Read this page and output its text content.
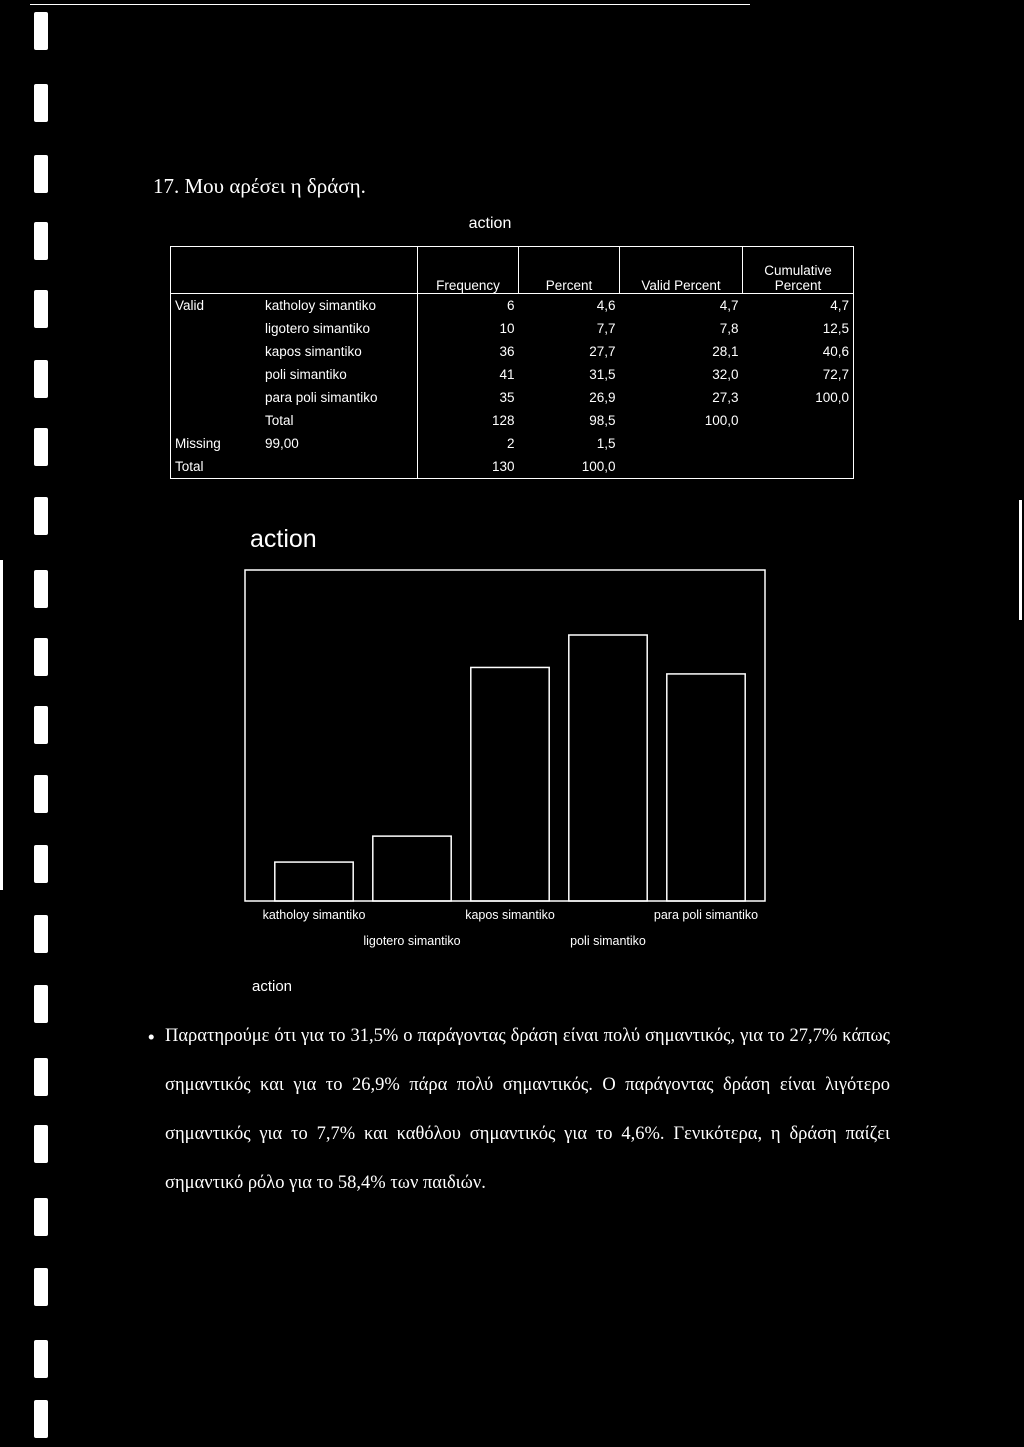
17. Μου αρέσει η δράση.
action
		Frequency	Percent	Valid Percent	Cumulative Percent
Valid	katholoy simantiko	6	4,6	4,7	4,7
	ligotero simantiko	10	7,7	7,8	12,5
	kapos simantiko	36	27,7	28,1	40,6
	poli simantiko	41	31,5	32,0	72,7
	para poli simantiko	35	26,9	27,3	100,0
	Total	128	98,5	100,0	
Missing	99,00	2	1,5		
Total		130	100,0		
action
katholoy simantiko
ligotero simantiko
kapos simantiko
poli simantiko
para poli simantiko
action
• Παρατηρούμε ότι για το 31,5% ο παράγοντας δράση είναι πολύ σημαντικός, για το 27,7% κάπως σημαντικός και για το 26,9% πάρα πολύ σημαντικός. Ο παράγοντας δράση είναι λιγότερο σημαντικός για το 7,7% και καθόλου σημαντικός για το 4,6%. Γενικότερα, η δράση παίζει σημαντικό ρόλο για το 58,4% των παιδιών.
